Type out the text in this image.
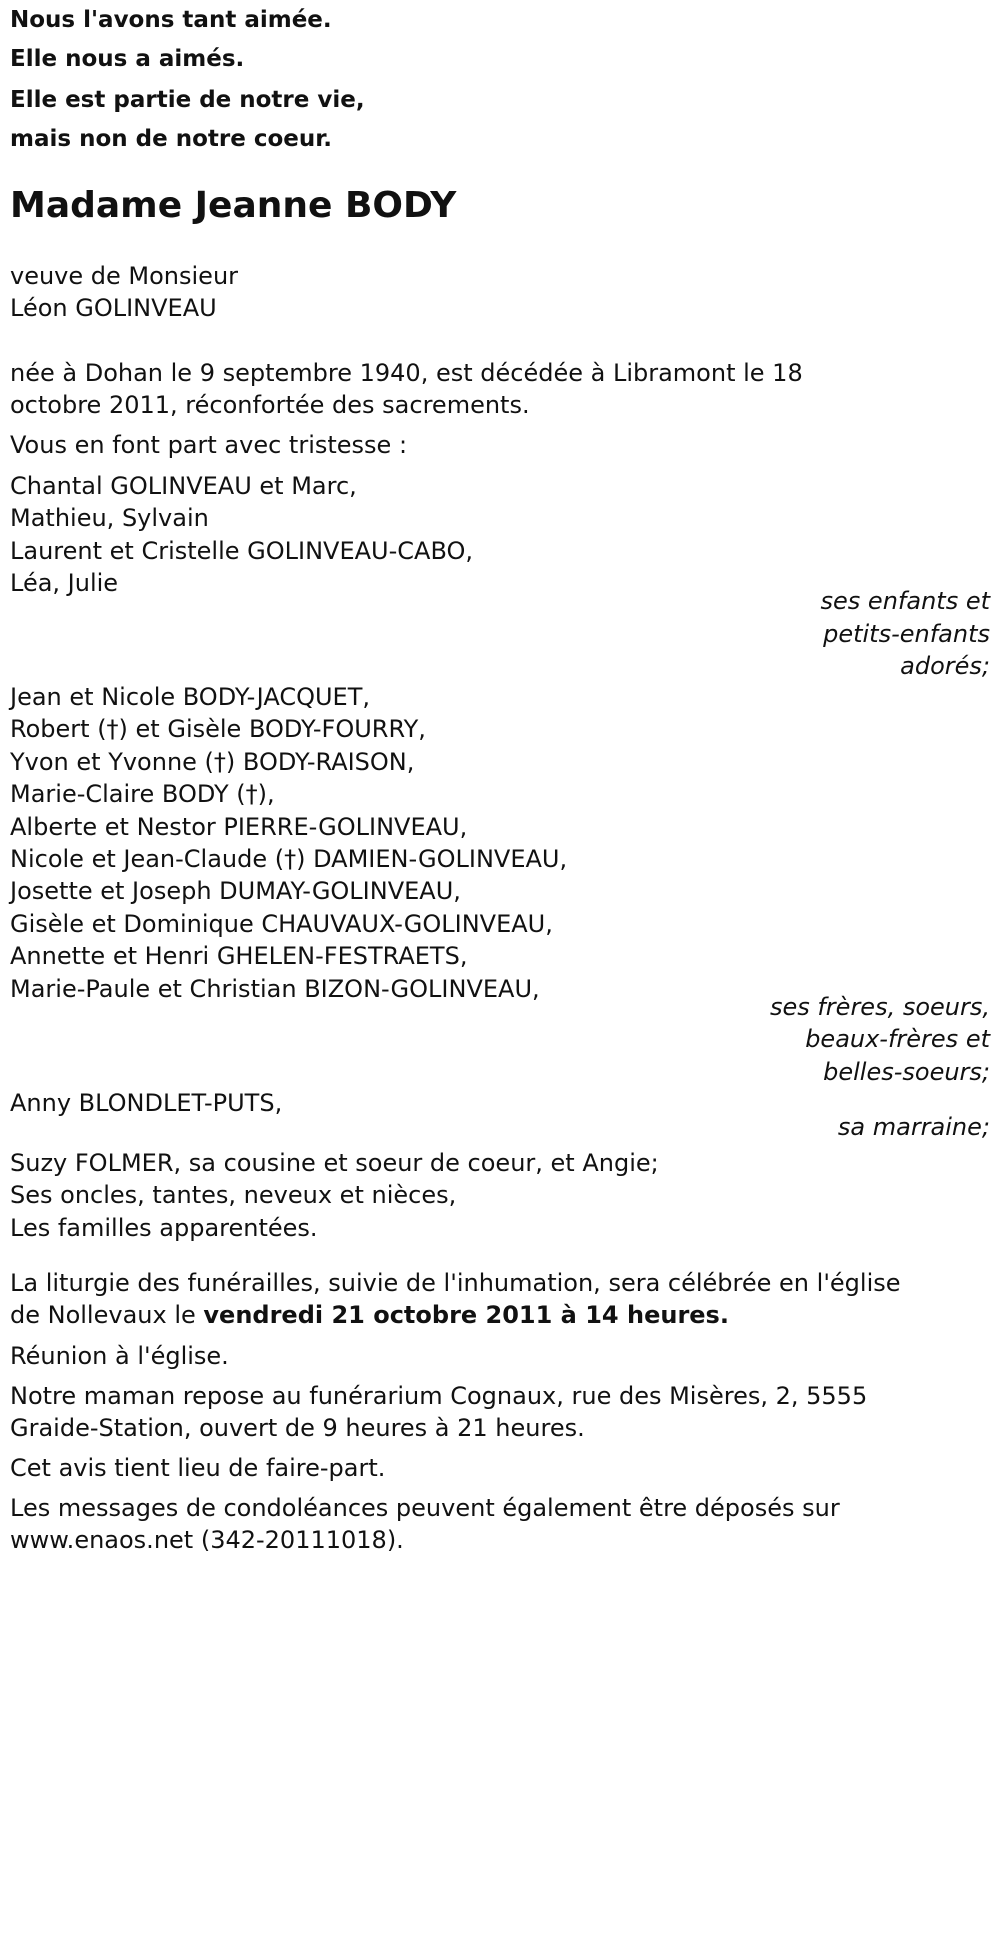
Nous l'avons tant aimée.
Elle nous a aimés.
Elle est partie de notre vie,
mais non de notre coeur.
Madame Jeanne BODY
veuve de Monsieur
Léon GOLINVEAU
née à Dohan le 9 septembre 1940, est décédée à Libramont le 18
octobre 2011, réconfortée des sacrements.
Vous en font part avec tristesse :
Chantal GOLINVEAU et Marc,
Mathieu, Sylvain
Laurent et Cristelle GOLINVEAU-CABO,
Léa, Julie
ses enfants et
petits-enfants
adorés;
Jean et Nicole BODY-JACQUET,
Robert (†) et Gisèle BODY-FOURRY,
Yvon et Yvonne (†) BODY-RAISON,
Marie-Claire BODY (†),
Alberte et Nestor PIERRE-GOLINVEAU,
Nicole et Jean-Claude (†) DAMIEN-GOLINVEAU,
Josette et Joseph DUMAY-GOLINVEAU,
Gisèle et Dominique CHAUVAUX-GOLINVEAU,
Annette et Henri GHELEN-FESTRAETS,
Marie-Paule et Christian BIZON-GOLINVEAU,
ses frères, soeurs,
beaux-frères et
belles-soeurs;
Anny BLONDLET-PUTS,
sa marraine;
Suzy FOLMER, sa cousine et soeur de coeur, et Angie;
Ses oncles, tantes, neveux et nièces,
Les familles apparentées.
La liturgie des funérailles, suivie de l'inhumation, sera célébrée en l'église
de Nollevaux le vendredi 21 octobre 2011 à 14 heures.
Réunion à l'église.
Notre maman repose au funérarium Cognaux, rue des Misères, 2, 5555
Graide-Station, ouvert de 9 heures à 21 heures.
Cet avis tient lieu de faire-part.
Les messages de condoléances peuvent également être déposés sur
www.enaos.net (342-20111018).
